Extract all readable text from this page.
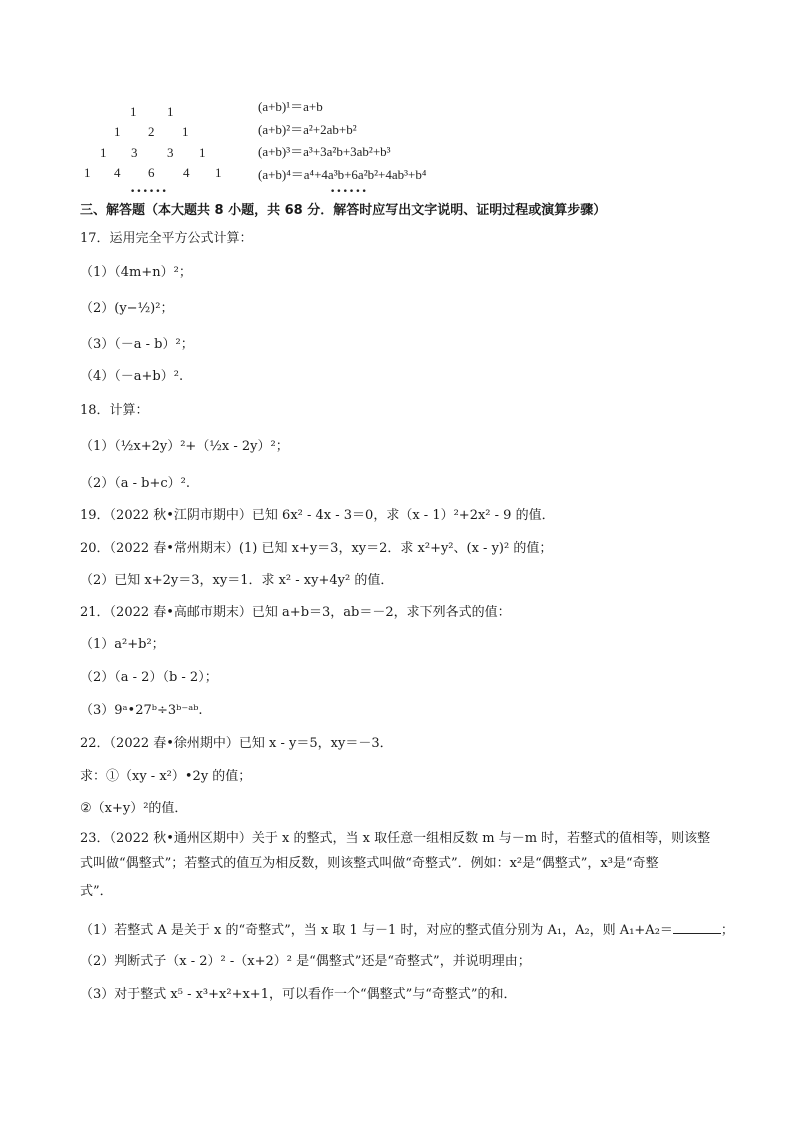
1 1
1 2 1
1 3 3 1
1 4 6 4 1
••••••
(a+b)¹＝a+b
(a+b)²＝a²+2ab+b²
(a+b)³＝a³+3a²b+3ab²+b³
(a+b)⁴＝a⁴+4a³b+6a²b²+4ab³+b⁴
••••••
三、解答题（本大题共 8 小题，共 68 分．解答时应写出文字说明、证明过程或演算步骤）
17．运用完全平方公式计算：
（1）（4m+n）²；
（2）(y−½)²；
（3）（－a - b）²；
（4）（－a+b）².
18．计算：
（1）（½x+2y）²+（½x - 2y）²；
（2）（a - b+c）².
19．（2022 秋•江阴市期中）已知 6x² - 4x - 3＝0，求（x - 1）²+2x² - 9 的值．
20．（2022 春•常州期末）(1) 已知 x+y＝3，xy＝2．求 x²+y²、(x - y)² 的值；
（2）已知 x+2y＝3，xy＝1．求 x² - xy+4y² 的值．
21．（2022 春•高邮市期末）已知 a+b＝3，ab＝－2，求下列各式的值：
（1）a²+b²；
（2）（a - 2）（b - 2）；
（3）9ᵃ•27ᵇ÷3ᵇ⁻ᵃᵇ.
22．（2022 春•徐州期中）已知 x - y＝5，xy＝－3．
求：①（xy - x²）•2y 的值；
②（x+y）²的值．
23．（2022 秋•通州区期中）关于 x 的整式，当 x 取任意一组相反数 m 与－m 时，若整式的值相等，则该整
式叫做“偶整式”；若整式的值互为相反数，则该整式叫做“奇整式”．例如：x²是“偶整式”，x³是“奇整
式”．
（1）若整式 A 是关于 x 的“奇整式”，当 x 取 1 与－1 时，对应的整式值分别为 A₁，A₂，则 A₁+A₂＝	；
（2）判断式子（x - 2）² -（x+2）² 是“偶整式”还是“奇整式”，并说明理由；
（3）对于整式 x⁵ - x³+x²+x+1，可以看作一个“偶整式”与“奇整式”的和．
